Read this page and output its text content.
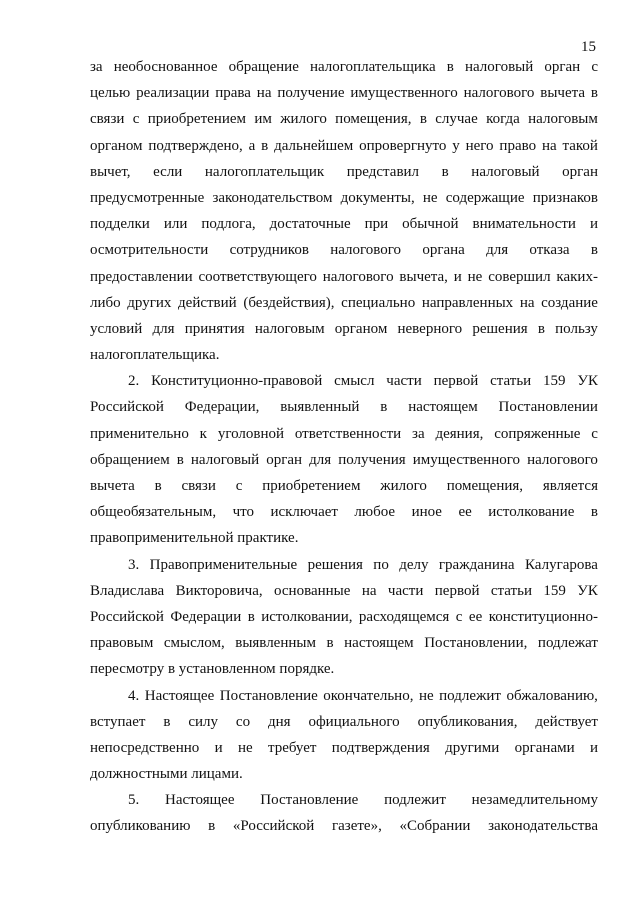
15
за необоснованное обращение налогоплательщика в налоговый орган с
целью реализации права на получение имущественного налогового вычета в
связи с приобретением им жилого помещения, в случае когда налоговым
органом подтверждено, а в дальнейшем опровергнуто у него право на такой
вычет, если налогоплательщик представил в налоговый орган
предусмотренные законодательством документы, не содержащие признаков
подделки или подлога, достаточные при обычной внимательности и
осмотрительности сотрудников налогового органа для отказа в
предоставлении соответствующего налогового вычета, и не совершил каких-
либо других действий (бездействия), специально направленных на создание
условий для принятия налоговым органом неверного решения в пользу
налогоплательщика.
2. Конституционно-правовой смысл части первой статьи 159 УК
Российской Федерации, выявленный в настоящем Постановлении
применительно к уголовной ответственности за деяния, сопряженные с
обращением в налоговый орган для получения имущественного налогового
вычета в связи с приобретением жилого помещения, является
общеобязательным, что исключает любое иное ее истолкование в
правоприменительной практике.
3. Правоприменительные решения по делу гражданина Калугарова
Владислава Викторовича, основанные на части первой статьи 159 УК
Российской Федерации в истолковании, расходящемся с ее конституционно-
правовым смыслом, выявленным в настоящем Постановлении, подлежат
пересмотру в установленном порядке.
4. Настоящее Постановление окончательно, не подлежит обжалованию,
вступает в силу со дня официального опубликования, действует
непосредственно и не требует подтверждения другими органами и
должностными лицами.
5. Настоящее Постановление подлежит незамедлительному
опубликованию в «Российской газете», «Собрании законодательства
